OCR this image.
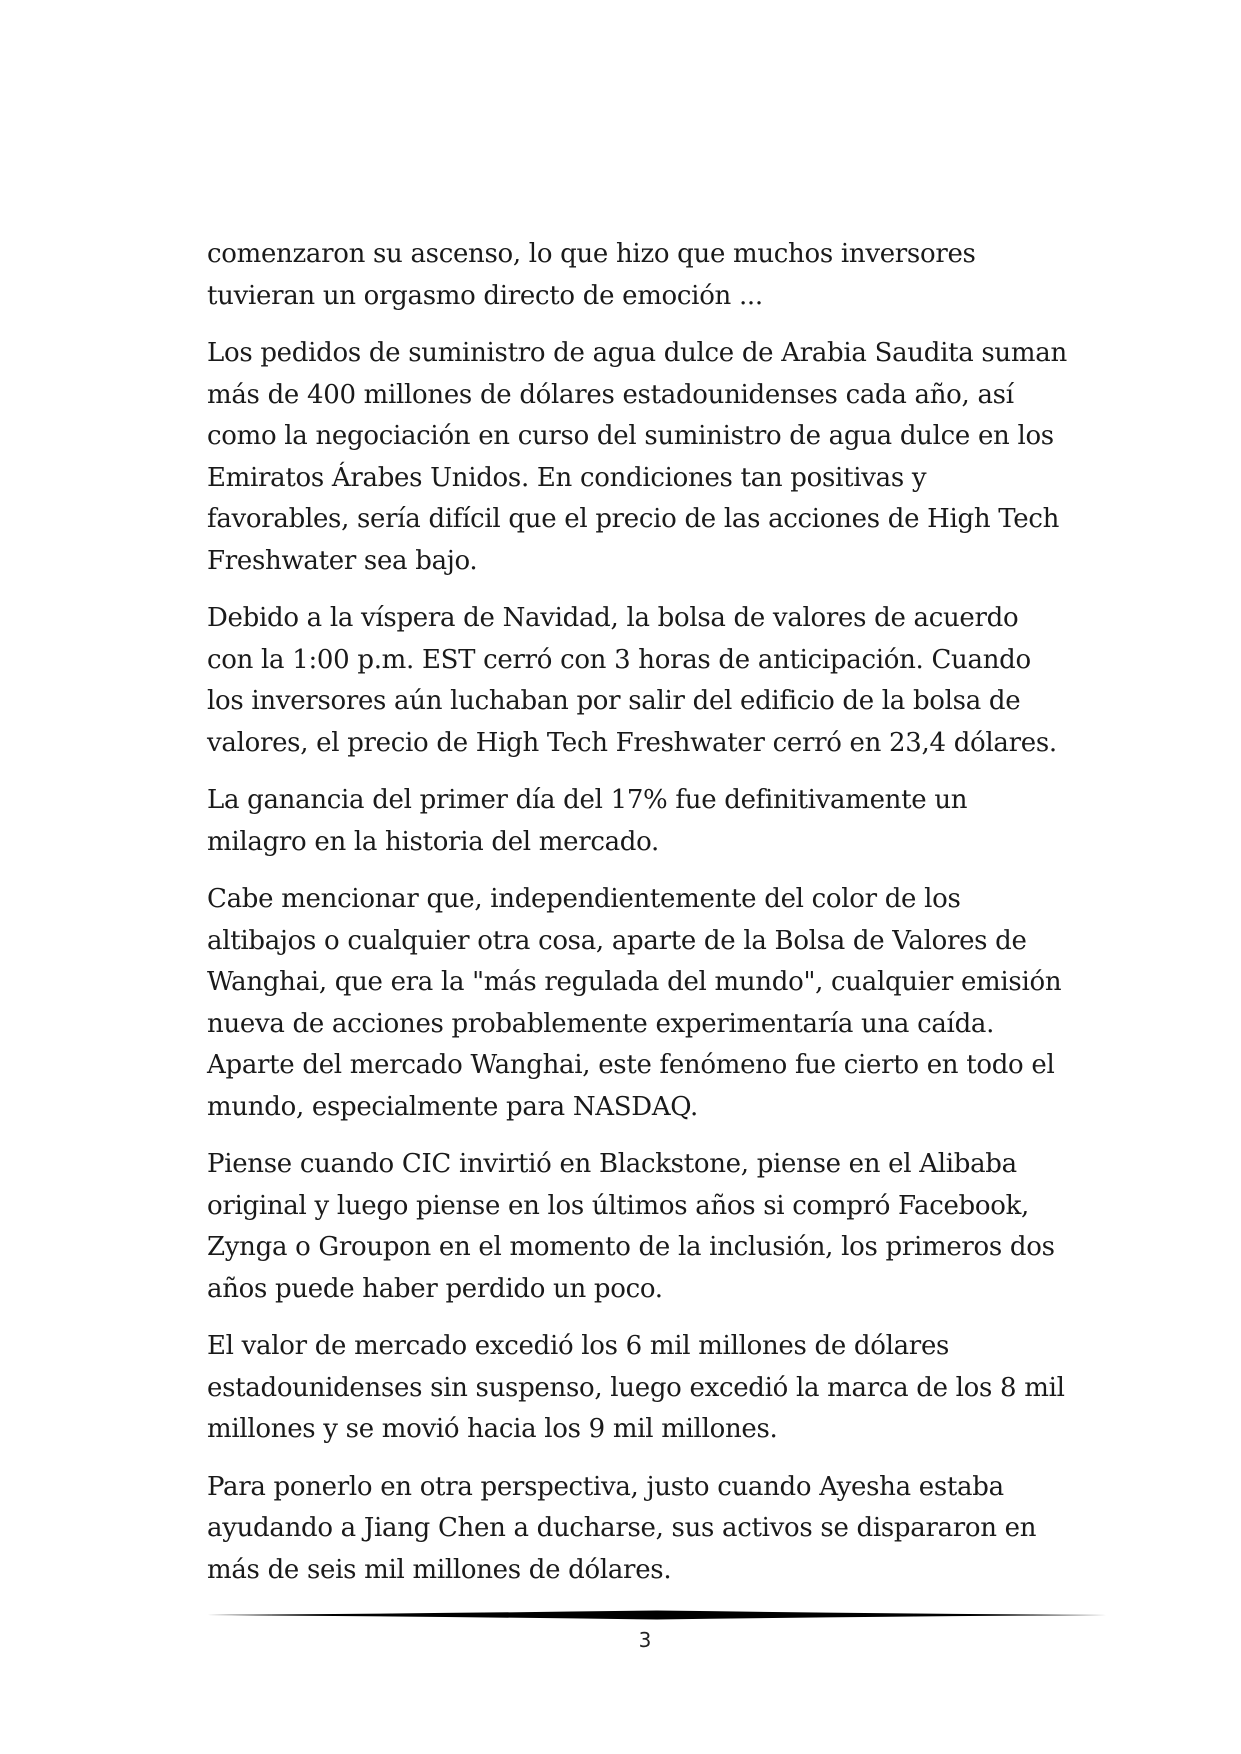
comenzaron su ascenso, lo que hizo que muchos inversores tuvieran un orgasmo directo de emoción ...

Los pedidos de suministro de agua dulce de Arabia Saudita suman más de 400 millones de dólares estadounidenses cada año, así como la negociación en curso del suministro de agua dulce en los Emiratos Árabes Unidos. En condiciones tan positivas y favorables, sería difícil que el precio de las acciones de High Tech Freshwater sea bajo.

Debido a la víspera de Navidad, la bolsa de valores de acuerdo con la 1:00 p.m. EST cerró con 3 horas de anticipación. Cuando los inversores aún luchaban por salir del edificio de la bolsa de valores, el precio de High Tech Freshwater cerró en 23,4 dólares.

La ganancia del primer día del 17% fue definitivamente un milagro en la historia del mercado.

Cabe mencionar que, independientemente del color de los altibajos o cualquier otra cosa, aparte de la Bolsa de Valores de Wanghai, que era la "más regulada del mundo", cualquier emisión nueva de acciones probablemente experimentaría una caída. Aparte del mercado Wanghai, este fenómeno fue cierto en todo el mundo, especialmente para NASDAQ.

Piense cuando CIC invirtió en Blackstone, piense en el Alibaba original y luego piense en los últimos años si compró Facebook, Zynga o Groupon en el momento de la inclusión, los primeros dos años puede haber perdido un poco.

El valor de mercado excedió los 6 mil millones de dólares estadounidenses sin suspenso, luego excedió la marca de los 8 mil millones y se movió hacia los 9 mil millones.

Para ponerlo en otra perspectiva, justo cuando Ayesha estaba ayudando a Jiang Chen a ducharse, sus activos se dispararon en más de seis mil millones de dólares.

3
